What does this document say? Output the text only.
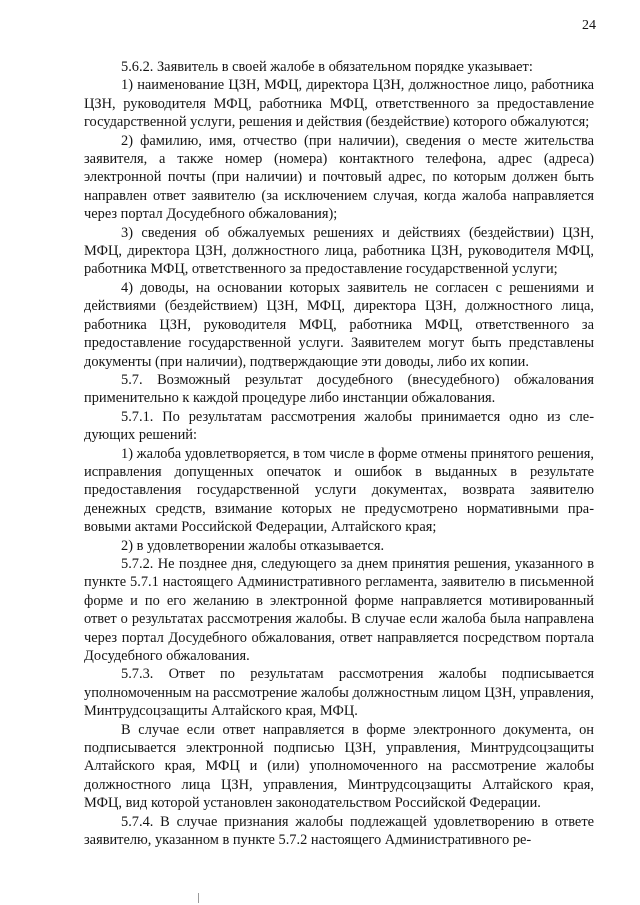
24

5.6.2. Заявитель в своей жалобе в обязательном порядке указывает:

1) наименование ЦЗН, МФЦ, директора ЦЗН, должностное лицо, работника ЦЗН, руководителя МФЦ, работника МФЦ, ответственного за предоставление государственной услуги, решения и действия (бездействие) которого обжалуются;

2) фамилию, имя, отчество (при наличии), сведения о месте жительства заявителя, а также номер (номера) контактного телефона, адрес (адреса) электронной почты (при наличии) и почтовый адрес, по которым должен быть направлен ответ заявителю (за исключением случая, когда жалоба направляется через портал Досудебного обжалования);

3) сведения об обжалуемых решениях и действиях (бездействии) ЦЗН, МФЦ, директора ЦЗН, должностного лица, работника ЦЗН, руководителя МФЦ, работника МФЦ, ответственного за предоставление государственной услуги;

4) доводы, на основании которых заявитель не согласен с решениями и действиями (бездействием) ЦЗН, МФЦ, директора ЦЗН, должностного лица, работника ЦЗН, руководителя МФЦ, работника МФЦ, ответственного за предоставление государственной услуги. Заявителем могут быть представлены документы (при наличии), подтверждающие эти доводы, либо их копии.

5.7. Возможный результат досудебного (внесудебного) обжалования применительно к каждой процедуре либо инстанции обжалования.

5.7.1. По результатам рассмотрения жалобы принимается одно из следующих решений:

1) жалоба удовлетворяется, в том числе в форме отмены принятого решения, исправления допущенных опечаток и ошибок в выданных в результате предоставления государственной услуги документах, возврата заявителю денежных средств, взимание которых не предусмотрено нормативными правовыми актами Российской Федерации, Алтайского края;

2) в удовлетворении жалобы отказывается.

5.7.2. Не позднее дня, следующего за днем принятия решения, указанного в пункте 5.7.1 настоящего Административного регламента, заявителю в письменной форме и по его желанию в электронной форме направляется мотивированный ответ о результатах рассмотрения жалобы. В случае если жалоба была направлена через портал Досудебного обжалования, ответ направляется посредством портала Досудебного обжалования.

5.7.3. Ответ по результатам рассмотрения жалобы подписывается уполномоченным на рассмотрение жалобы должностным лицом ЦЗН, управления, Минтрудсоцзащиты Алтайского края, МФЦ.

В случае если ответ направляется в форме электронного документа, он подписывается электронной подписью ЦЗН, управления, Минтрудсоцзащиты Алтайского края, МФЦ и (или) уполномоченного на рассмотрение жалобы должностного лица ЦЗН, управления, Минтрудсоцзащиты Алтайского края, МФЦ, вид которой установлен законодательством Российской Федерации.

5.7.4. В случае признания жалобы подлежащей удовлетворению в ответе заявителю, указанном в пункте 5.7.2 настоящего Административного ре-
